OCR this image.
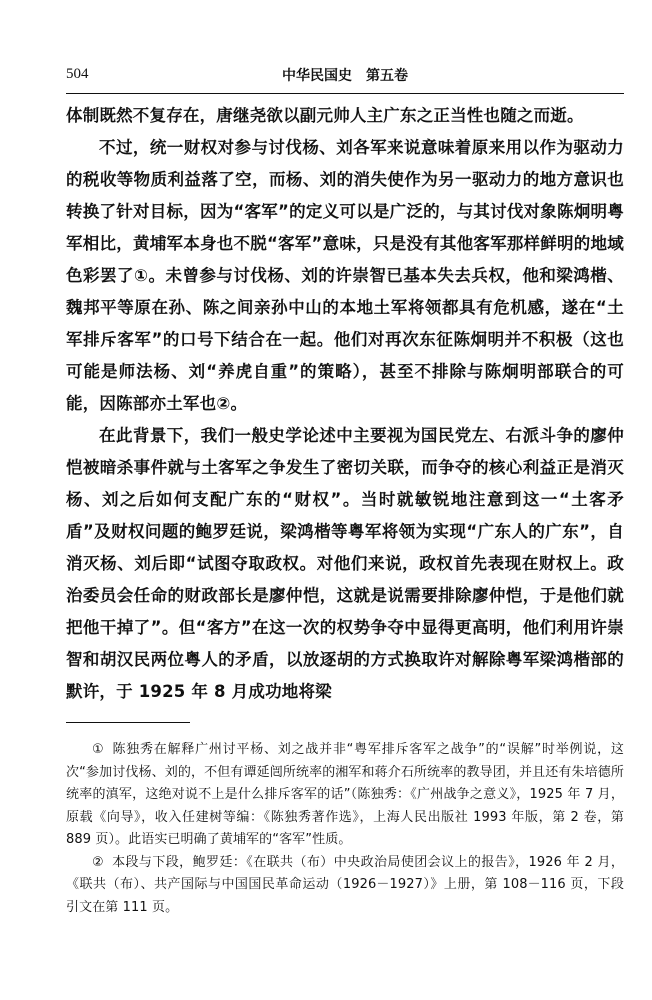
504	中华民国史　第五卷

体制既然不复存在，唐继尧欲以副元帅人主广东之正当性也随之而逝。

不过，统一财权对参与讨伐杨、刘各军来说意味着原来用以作为驱动力的税收等物质利益落了空，而杨、刘的消失使作为另一驱动力的地方意识也转换了针对目标，因为“客军”的定义可以是广泛的，与其讨伐对象陈炯明粤军相比，黄埔军本身也不脱“客军”意味，只是没有其他客军那样鲜明的地域色彩罢了①。未曾参与讨伐杨、刘的许崇智已基本失去兵权，他和梁鸿楷、魏邦平等原在孙、陈之间亲孙中山的本地土军将领都具有危机感，遂在“土军排斥客军”的口号下结合在一起。他们对再次东征陈炯明并不积极（这也可能是师法杨、刘“养虎自重”的策略），甚至不排除与陈炯明部联合的可能，因陈部亦土军也②。

在此背景下，我们一般史学论述中主要视为国民党左、右派斗争的廖仲恺被暗杀事件就与土客军之争发生了密切关联，而争夺的核心利益正是消灭杨、刘之后如何支配广东的“财权”。当时就敏锐地注意到这一“土客矛盾”及财权问题的鲍罗廷说，梁鸿楷等粤军将领为实现“广东人的广东”，自消灭杨、刘后即“试图夺取政权。对他们来说，政权首先表现在财权上。政治委员会任命的财政部长是廖仲恺，这就是说需要排除廖仲恺，于是他们就把他干掉了”。但“客方”在这一次的权势争夺中显得更高明，他们利用许崇智和胡汉民两位粤人的矛盾，以放逐胡的方式换取许对解除粤军梁鸿楷部的默许，于 1925 年 8 月成功地将梁

① 陈独秀在解释广州讨平杨、刘之战并非“粤军排斥客军之战争”的“误解”时举例说，这次“参加讨伐杨、刘的，不但有谭延闿所统率的湘军和蒋介石所统率的教导团，并且还有朱培德所统率的滇军，这绝对说不上是什么排斥客军的话”（陈独秀：《广州战争之意义》，1925 年 7 月，原载《向导》，收入任建树等编：《陈独秀著作选》，上海人民出版社 1993 年版，第 2 卷，第 889 页）。此语实已明确了黄埔军的“客军”性质。

② 本段与下段，鲍罗廷：《在联共（布）中央政治局使团会议上的报告》，1926 年 2 月，《联共（布）、共产国际与中国国民革命运动（1926－1927）》上册，第 108－116 页，下段引文在第 111 页。
